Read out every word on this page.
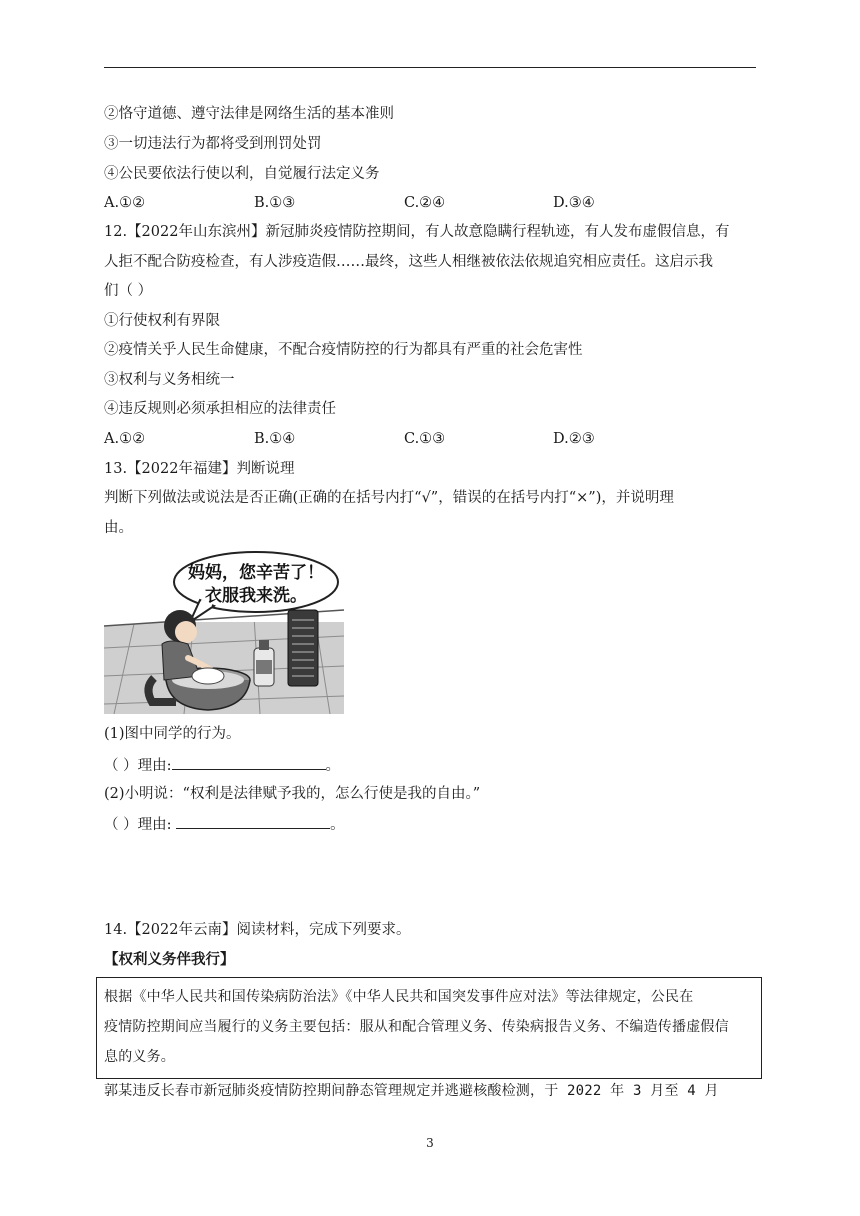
②恪守道德、遵守法律是网络生活的基本准则
③一切违法行为都将受到刑罚处罚
④公民要依法行使以利，自觉履行法定义务
A.①②	B.①③	C.②④	D.③④
12.【2022年山东滨州】新冠肺炎疫情防控期间，有人故意隐瞒行程轨迹，有人发布虚假信息，有
人拒不配合防疫检查，有人涉疫造假……最终，这些人相继被依法依规追究相应责任。这启示我
们（ ）
①行使权利有界限
②疫情关乎人民生命健康，不配合疫情防控的行为都具有严重的社会危害性
③权利与义务相统一
④违反规则必须承担相应的法律责任
A.①②	B.①④	C.①③	D.②③
13.【2022年福建】判断说理
判断下列做法或说法是否正确(正确的在括号内打“√”，错误的在括号内打“×”)，并说明理
由。
妈妈，您辛苦了！
衣服我来洗。
(1)图中同学的行为。
（ ）理由:	。
(2)小明说：“权利是法律赋予我的，怎么行使是我的自由。”
（ ）理由:	。
14.【2022年云南】阅读材料，完成下列要求。
【权利义务伴我行】
根据《中华人民共和国传染病防治法》《中华人民共和国突发事件应对法》等法律规定，公民在
疫情防控期间应当履行的义务主要包括：服从和配合管理义务、传染病报告义务、不编造传播虚假信
息的义务。
郭某违反长春市新冠肺炎疫情防控期间静态管理规定并逃避核酸检测，于 2022 年 3 月至 4 月
3
